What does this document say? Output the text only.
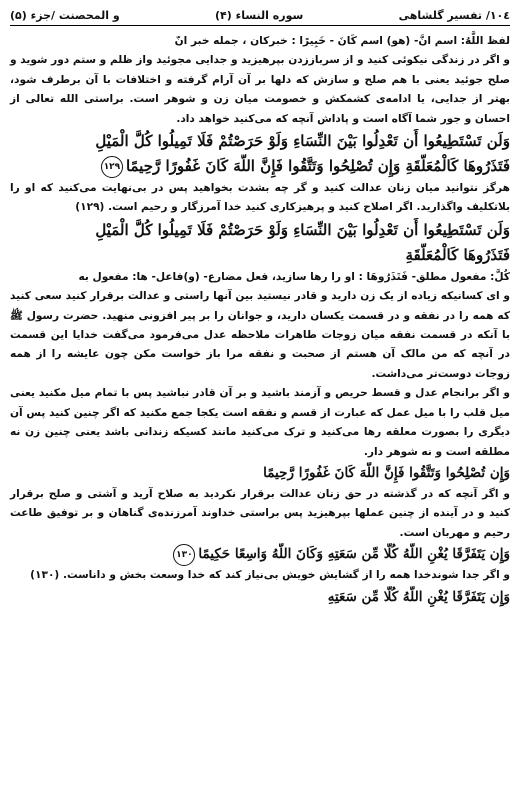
١٠٤/ تفسیر گلشاهی
سوره النساء (۴)
و المحصنت /جزء (۵)

لفظ اللَّهُ: اسم انَّ- (هو) اسم كَانَ - خَبِيرًا : خبركان ، جمله خبر انّ

و اگر در زندگی نیکوئی کنید و از سرباززدن بپرهیزید و جدایی مجوئید واز ظلم و ستم دور شوید و صلح جوئید یعنی با هم صلح و سازش که دلها بر آن آرام گرفته و اختلافات با آن برطرف شود، بهتر از جدایی، یا ادامه‌ی کشمکش و خصومت میان زن و شوهر است. براستی الله تعالی از احسان و جور شما آگاه است و پاداش آنچه که می‌کنید خواهد داد.

وَلَن تَسْتَطِيعُوا أَن تَعْدِلُوا بَيْنَ النِّسَاءِ وَلَوْ حَرَصْتُمْ فَلَا تَمِيلُوا كُلَّ الْمَيْلِ

فَتَذَرُوهَا كَالْمُعَلَّقَةِ وَإِن تُصْلِحُوا وَتَتَّقُوا فَإِنَّ اللَّهَ كَانَ غَفُورًا رَّحِيمًا۱۲۹

هرگز نتوانید میان زنان عدالت کنید و گر چه بشدت بخواهید پس در بی‌نهایت می‌کنید که او را بلاتکلیف واگذارید. اگر اصلاح کنید و پرهیزکاری کنید خدا آمرزگار و رحیم است. (۱۲۹)

وَلَن تَسْتَطِيعُوا أَن تَعْدِلُوا بَيْنَ النِّسَاءِ وَلَوْ حَرَصْتُمْ فَلَا تَمِيلُوا كُلَّ الْمَيْلِ

فَتَذَرُوهَا كَالْمُعَلَّقَةِ

كُلَّ: مفعول مطلق- فَتَذَرُوهَا : او را رها سازید، فعل مضارع- (و)فاعل- ها: مفعول به

و ای کسانیکه زیاده از یک زن دارید و قادر نیستید بین آنها راستی و عدالت برقرار کنید سعی کنید که همه را در نفقه و در قسمت یکسان دارید، و جوانان را بر پیر افزونی منهید. حضرت رسول ﷺ با آنکه در قسمت نفقه میان زوجات طاهرات ملاحظه عدل می‌فرمود می‌گفت خدایا این قسمت در آنچه که من مالک آن هستم از صحبت و نفقه مرا باز خواست مکن چون عایشه را از همه زوجات دوست‌تر می‌داشت.

و اگر برانجام عدل و قسط حریص و آزمند باشید و بر آن قادر نباشید پس با تمام میل مکنید یعنی میل قلب را با میل عمل که عبارت از قسم و نفقه است یکجا جمع مکنید که اگر چنین کنید پس آن دیگری را بصورت معلقه رها می‌کنید و ترک می‌کنید مانند کسیکه زندانی باشد یعنی چنین زن نه مطلقه است و نه شوهر دار.

وَإِن تُصْلِحُوا وَتَتَّقُوا فَإِنَّ اللَّهَ كَانَ غَفُورًا رَّحِيمًا

و اگر آنچه که در گذشته در حق زنان عدالت برقرار نکردید به صلاح آرید و آشتی و صلح برقرار کنید و در آینده از چنین عملها بپرهیزید پس براستی خداوند آمرزنده‌ی گناهان و بر توفیق طاعت رحیم و مهربان است.

وَإِن يَتَفَرَّقَا يُغْنِ اللَّهُ كُلًّا مِّن سَعَتِهِ وَكَانَ اللَّهُ وَاسِعًا حَكِيمًا۱۳۰

و اگر جدا شوندخدا همه را از گشایش خویش بی‌نیاز کند که خدا وسعت بخش و داناست. (۱۳۰)

وَإِن يَتَفَرَّقَا يُغْنِ اللَّهُ كُلًّا مِّن سَعَتِهِ
